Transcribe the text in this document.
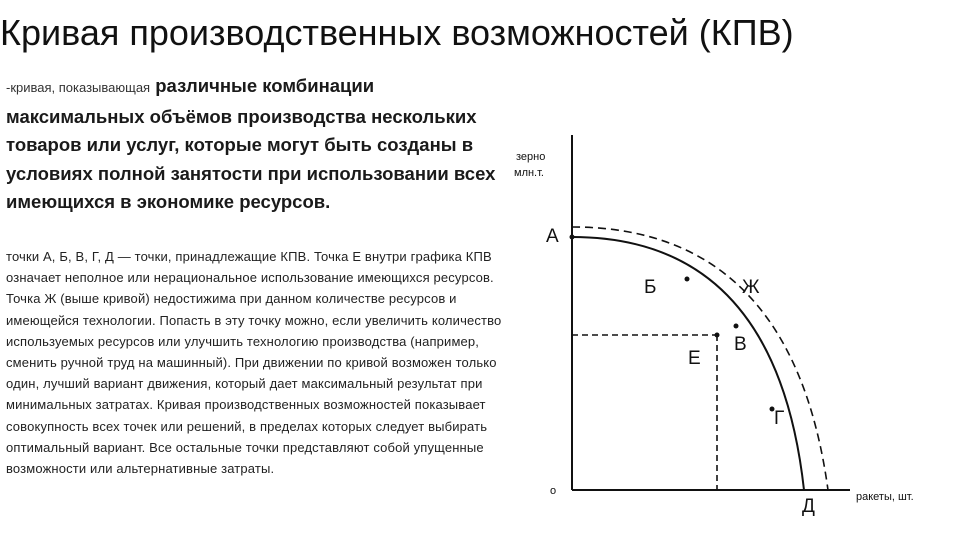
Кривая производственных возможностей (КПВ)

-кривая, показывающая различные комбинации максимальных объёмов производства нескольких товаров или услуг, которые могут быть созданы в условиях полной занятости при использовании всех имеющихся в экономике ресурсов.

точки А, Б, В, Г, Д — точки, принадлежащие КПВ. Точка Е внутри графика КПВ означает неполное или нерациональное использование имеющихся ресурсов. Точка Ж (выше кривой) недостижима при данном количестве ресурсов и имеющейся технологии. Попасть в эту точку можно, если увеличить количество используемых ресурсов или улучшить технологию производства (например, сменить ручной труд на машинный). При движении по кривой возможен только один, лучший вариант движения, который дает максимальный результат при минимальных затратах. Кривая производственных возможностей показывает совокупность всех точек или решений, в пределах которых следует выбирать оптимальный вариант. Все остальные точки представляют собой упущенные возможности или альтернативные затраты.

зерно
млн.т.
ракеты, шт.
о
А
Б	Ж
Е
В
Г
Д
